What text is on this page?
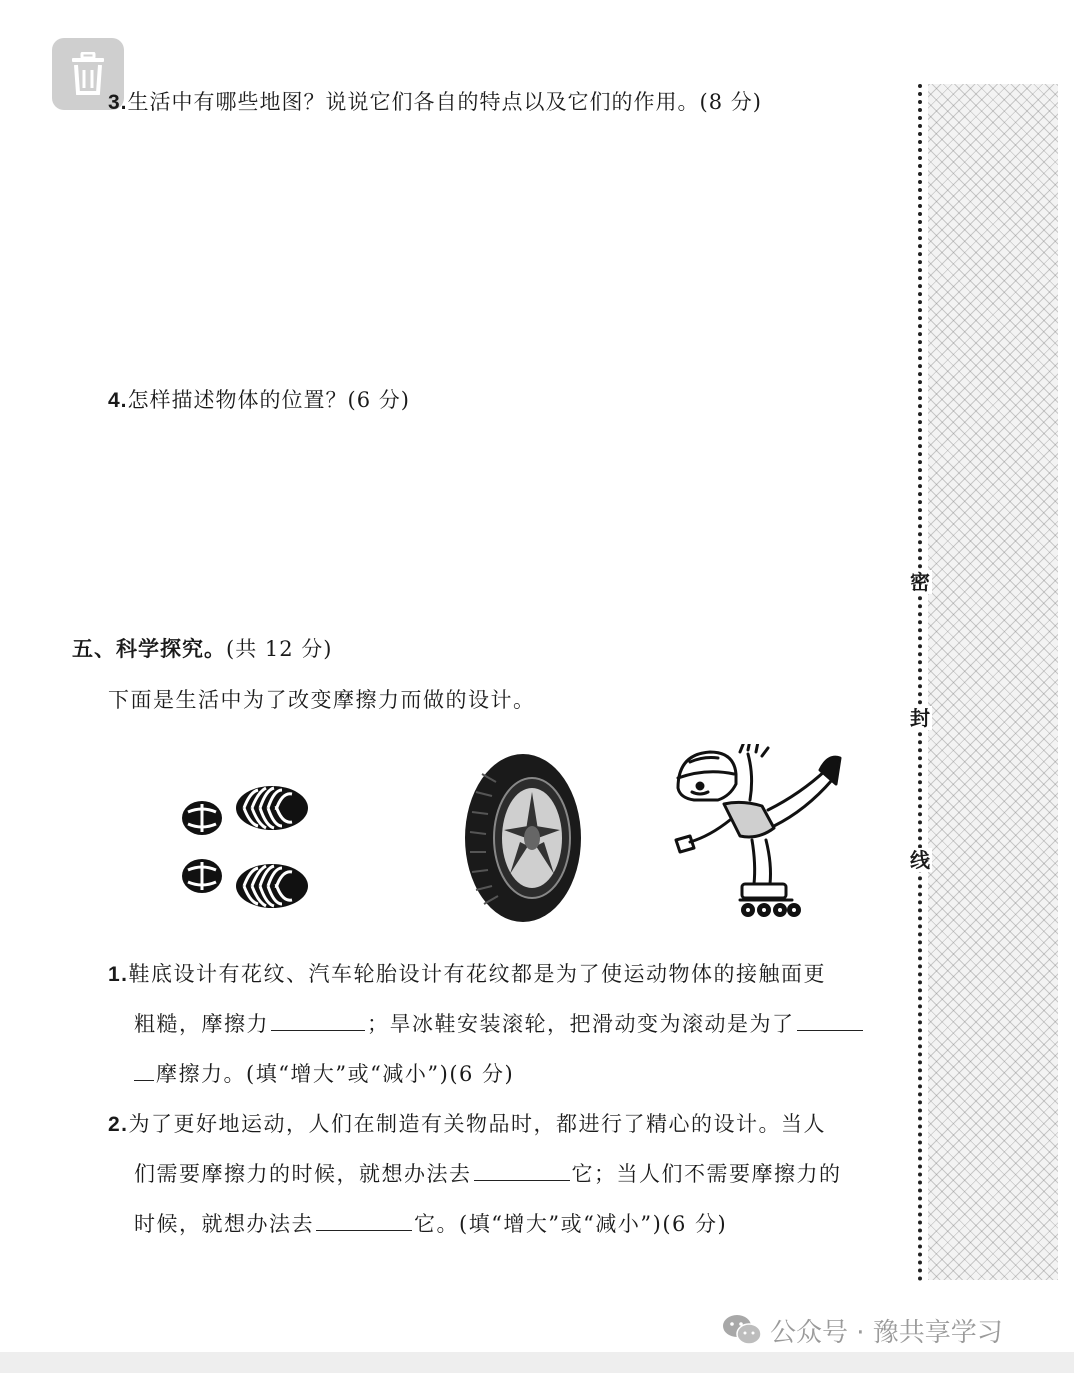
3.生活中有哪些地图？说说它们各自的特点以及它们的作用。(8 分)
4.怎样描述物体的位置？(6 分)
五、科学探究。(共 12 分)
下面是生活中为了改变摩擦力而做的设计。
1.鞋底设计有花纹、汽车轮胎设计有花纹都是为了使运动物体的接触面更
粗糙，摩擦力	；旱冰鞋安装滚轮，把滑动变为滚动是为了
摩擦力。(填“增大”或“减小”)(6 分)
2.为了更好地运动，人们在制造有关物品时，都进行了精心的设计。当人
们需要摩擦力的时候，就想办法去	它；当人们不需要摩擦力的
时候，就想办法去	它。(填“增大”或“减小”)(6 分)
密
封
线
公众号 · 豫共享学习
